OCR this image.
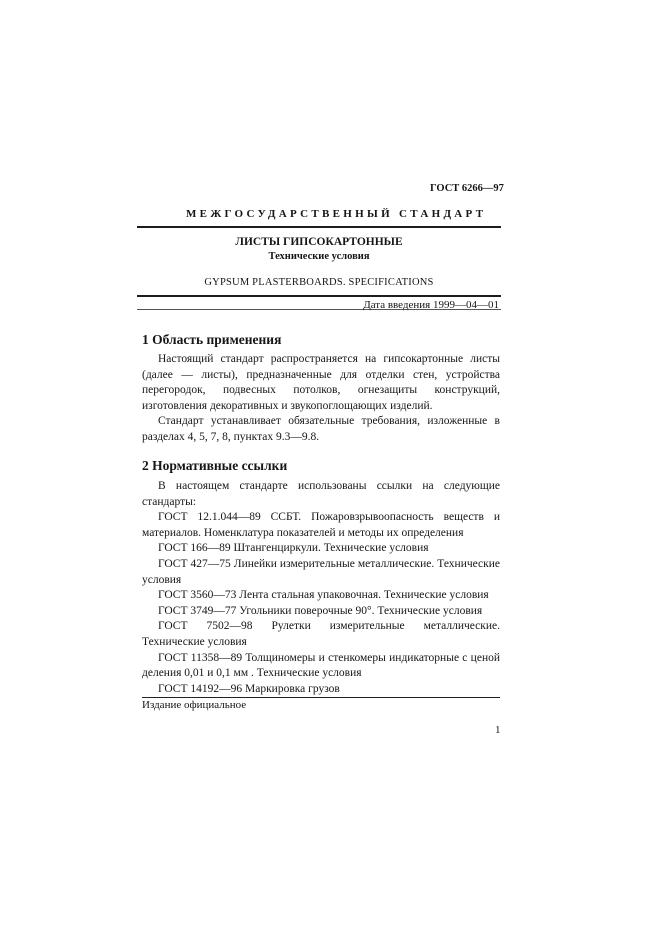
ГОСТ 6266—97
МЕЖГОСУДАРСТВЕННЫЙ СТАНДАРТ
ЛИСТЫ ГИПСОКАРТОННЫЕ
Технические условия
GYPSUM PLASTERBOARDS. SPECIFICATIONS
Дата введения 1999—04—01
1 Область применения

Настоящий стандарт распространяется на гипсокартонные листы (далее — листы), предназначенные для отделки стен, устройства перегородок, подвесных потолков, огнезащиты конструкций, изготовления декоративных и звукопоглощающих изделий.

Стандарт устанавливает обязательные требования, изложенные в разделах 4, 5, 7, 8, пунктах 9.3—9.8.

2 Нормативные ссылки

В настоящем стандарте использованы ссылки на следующие стандарты:

ГОСТ 12.1.044—89 ССБТ. Пожаровзрывоопасность веществ и материалов. Номенклатура показателей и методы их определения

ГОСТ 166—89 Штангенциркули. Технические условия

ГОСТ 427—75 Линейки измерительные металлические. Технические условия

ГОСТ 3560—73 Лента стальная упаковочная. Технические условия

ГОСТ 3749—77 Угольники поверочные 90°. Технические условия

ГОСТ 7502—98 Рулетки измерительные металлические. Технические условия

ГОСТ 11358—89 Толщиномеры и стенкомеры индикаторные с ценой деления 0,01 и 0,1 мм . Технические условия

ГОСТ 14192—96 Маркировка грузов

Издание официальное
1
